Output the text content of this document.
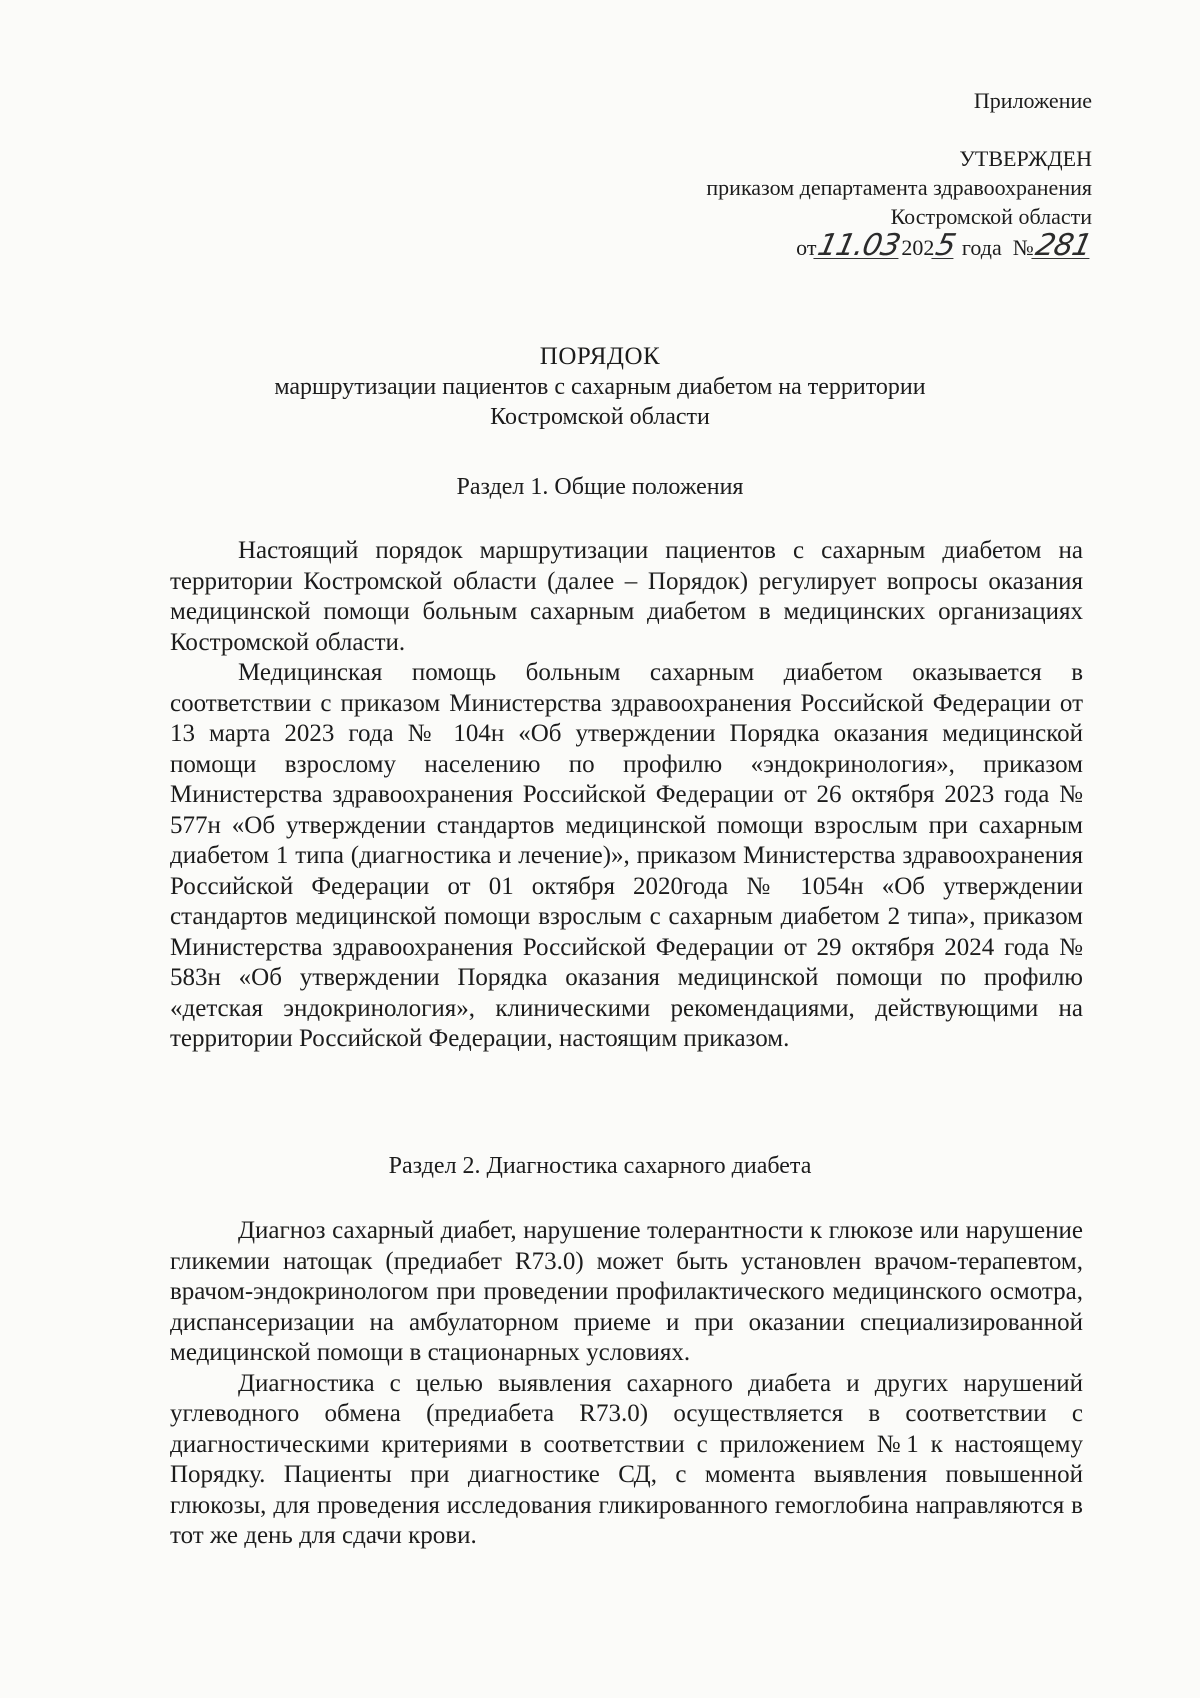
Приложение
УТВЕРЖДЕН
приказом департамента здравоохранения
Костромской области
от11.032025 года №281
ПОРЯДОК
маршрутизации пациентов с сахарным диабетом на территории
Костромской области
Раздел 1. Общие положения

Настоящий порядок маршрутизации пациентов с сахарным диабетом на территории Костромской области (далее – Порядок) регулирует вопросы оказания медицинской помощи больным сахарным диабетом в медицинских организациях Костромской области.

Медицинская помощь больным сахарным диабетом оказывается в соответствии с приказом Министерства здравоохранения Российской Федерации от 13 марта 2023 года № 104н «Об утверждении Порядка оказания медицинской помощи взрослому населению по профилю «эндокринология», приказом Министерства здравоохранения Российской Федерации от 26 октября 2023 года № 577н «Об утверждении стандартов медицинской помощи взрослым при сахарным диабетом 1 типа (диагностика и лечение)», приказом Министерства здравоохранения Российской Федерации от 01 октября 2020года № 1054н «Об утверждении стандартов медицинской помощи взрослым с сахарным диабетом 2 типа», приказом Министерства здравоохранения Российской Федерации от 29 октября 2024 года № 583н «Об утверждении Порядка оказания медицинской помощи по профилю «детская эндокринология», клиническими рекомендациями, действующими на территории Российской Федерации, настоящим приказом.

Раздел 2. Диагностика сахарного диабета

Диагноз сахарный диабет, нарушение толерантности к глюкозе или нарушение гликемии натощак (предиабет R73.0) может быть установлен врачом-терапевтом, врачом-эндокринологом при проведении профилактического медицинского осмотра, диспансеризации на амбулаторном приеме и при оказании специализированной медицинской помощи в стационарных условиях.

Диагностика с целью выявления сахарного диабета и других нарушений углеводного обмена (предиабета R73.0) осуществляется в соответствии с диагностическими критериями в соответствии с приложением №1 к настоящему Порядку. Пациенты при диагностике СД, с момента выявления повышенной глюкозы, для проведения исследования гликированного гемоглобина направляются в тот же день для сдачи крови.
